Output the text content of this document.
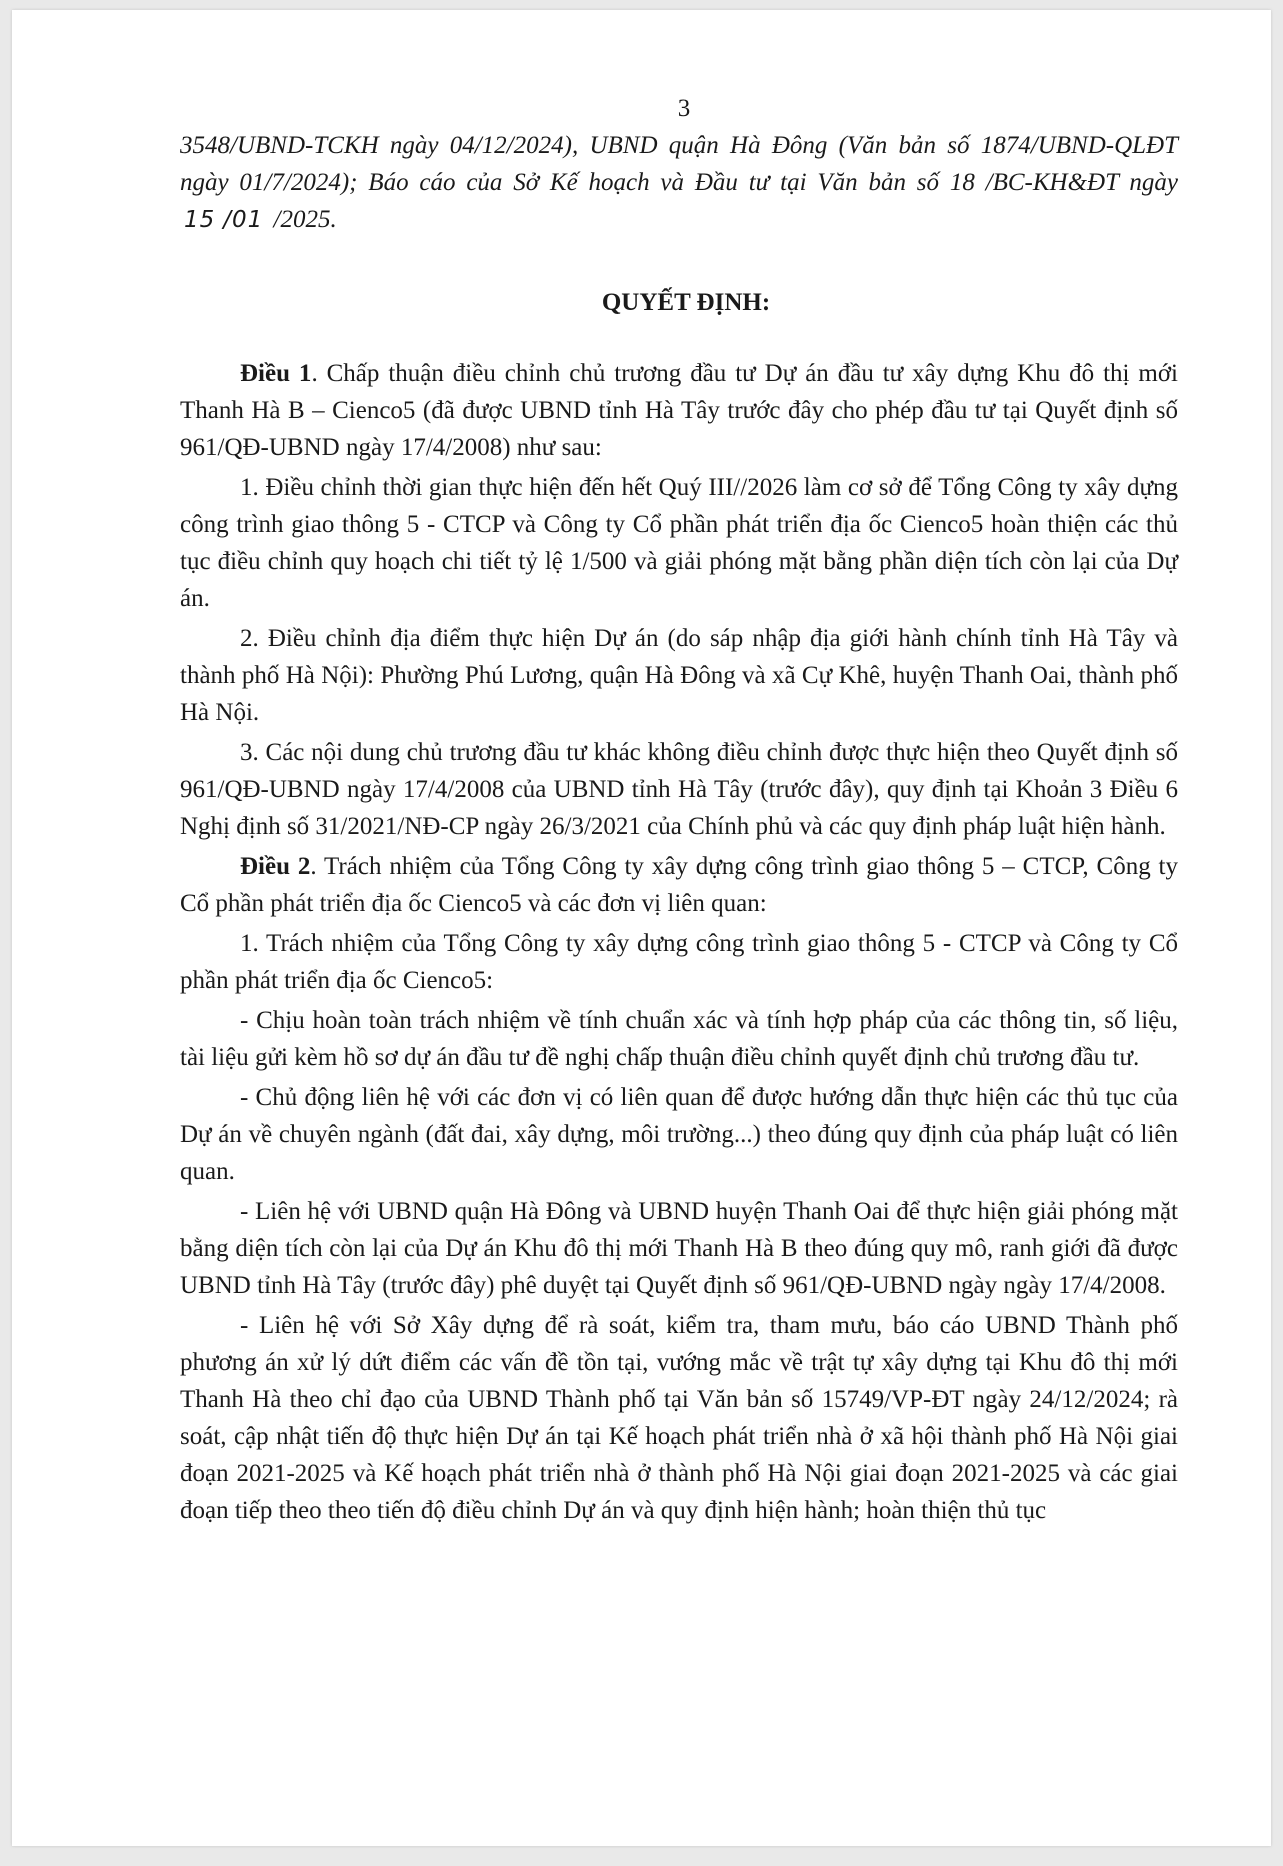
3
3548/UBND-TCKH ngày 04/12/2024), UBND quận Hà Đông (Văn bản số 1874/UBND-QLĐT ngày 01/7/2024); Báo cáo của Sở Kế hoạch và Đầu tư tại Văn bản số 18 /BC-KH&ĐT ngày 15 /01 /2025.
QUYẾT ĐỊNH:

Điều 1. Chấp thuận điều chỉnh chủ trương đầu tư Dự án đầu tư xây dựng Khu đô thị mới Thanh Hà B – Cienco5 (đã được UBND tỉnh Hà Tây trước đây cho phép đầu tư tại Quyết định số 961/QĐ-UBND ngày 17/4/2008) như sau:

1. Điều chỉnh thời gian thực hiện đến hết Quý III//2026 làm cơ sở để Tổng Công ty xây dựng công trình giao thông 5 - CTCP và Công ty Cổ phần phát triển địa ốc Cienco5 hoàn thiện các thủ tục điều chỉnh quy hoạch chi tiết tỷ lệ 1/500 và giải phóng mặt bằng phần diện tích còn lại của Dự án.

2. Điều chỉnh địa điểm thực hiện Dự án (do sáp nhập địa giới hành chính tỉnh Hà Tây và thành phố Hà Nội): Phường Phú Lương, quận Hà Đông và xã Cự Khê, huyện Thanh Oai, thành phố Hà Nội.

3. Các nội dung chủ trương đầu tư khác không điều chỉnh được thực hiện theo Quyết định số 961/QĐ-UBND ngày 17/4/2008 của UBND tỉnh Hà Tây (trước đây), quy định tại Khoản 3 Điều 6 Nghị định số 31/2021/NĐ-CP ngày 26/3/2021 của Chính phủ và các quy định pháp luật hiện hành.

Điều 2. Trách nhiệm của Tổng Công ty xây dựng công trình giao thông 5 – CTCP, Công ty Cổ phần phát triển địa ốc Cienco5 và các đơn vị liên quan:

1. Trách nhiệm của Tổng Công ty xây dựng công trình giao thông 5 - CTCP và Công ty Cổ phần phát triển địa ốc Cienco5:

- Chịu hoàn toàn trách nhiệm về tính chuẩn xác và tính hợp pháp của các thông tin, số liệu, tài liệu gửi kèm hồ sơ dự án đầu tư đề nghị chấp thuận điều chỉnh quyết định chủ trương đầu tư.

- Chủ động liên hệ với các đơn vị có liên quan để được hướng dẫn thực hiện các thủ tục của Dự án về chuyên ngành (đất đai, xây dựng, môi trường...) theo đúng quy định của pháp luật có liên quan.

- Liên hệ với UBND quận Hà Đông và UBND huyện Thanh Oai để thực hiện giải phóng mặt bằng diện tích còn lại của Dự án Khu đô thị mới Thanh Hà B theo đúng quy mô, ranh giới đã được UBND tỉnh Hà Tây (trước đây) phê duyệt tại Quyết định số 961/QĐ-UBND ngày ngày 17/4/2008.

- Liên hệ với Sở Xây dựng để rà soát, kiểm tra, tham mưu, báo cáo UBND Thành phố phương án xử lý dứt điểm các vấn đề tồn tại, vướng mắc về trật tự xây dựng tại Khu đô thị mới Thanh Hà theo chỉ đạo của UBND Thành phố tại Văn bản số 15749/VP-ĐT ngày 24/12/2024; rà soát, cập nhật tiến độ thực hiện Dự án tại Kế hoạch phát triển nhà ở xã hội thành phố Hà Nội giai đoạn 2021-2025 và Kế hoạch phát triển nhà ở thành phố Hà Nội giai đoạn 2021-2025 và các giai đoạn tiếp theo theo tiến độ điều chỉnh Dự án và quy định hiện hành; hoàn thiện thủ tục
